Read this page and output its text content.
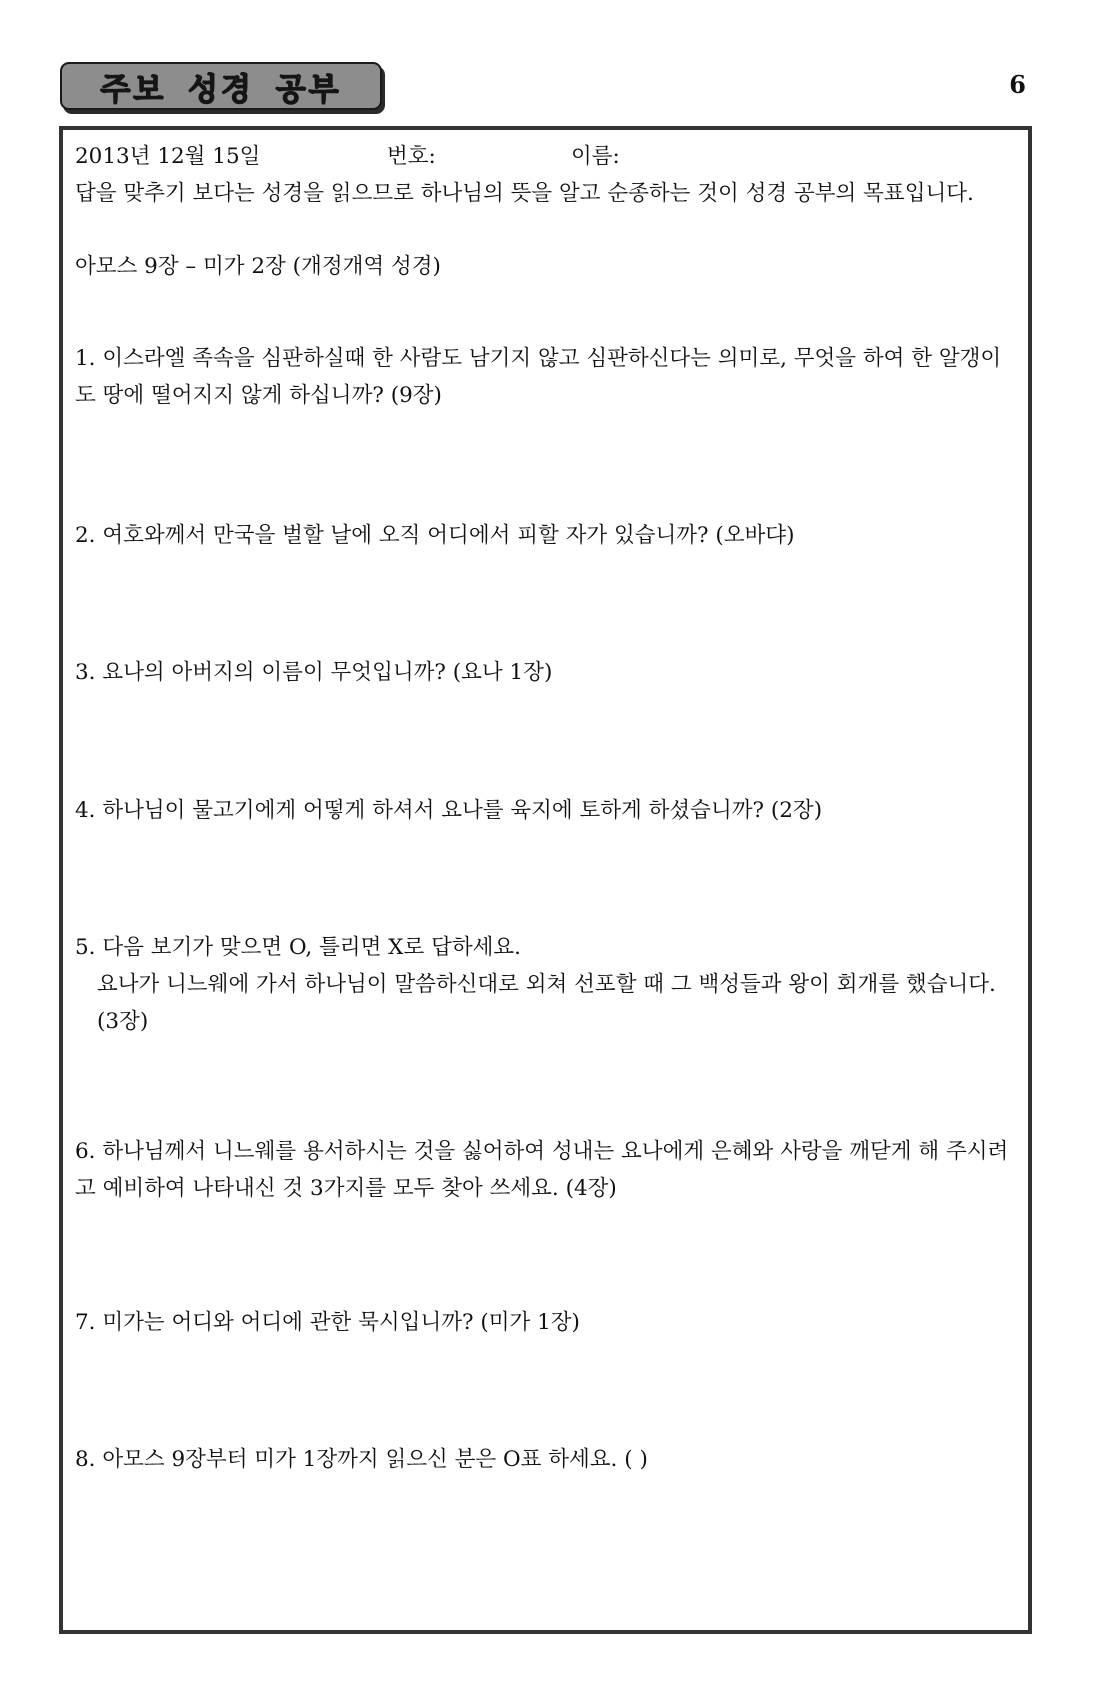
주보 성경 공부	6
2013년 12월 15일	번호:	이름:

답을 맞추기 보다는 성경을 읽으므로 하나님의 뜻을 알고 순종하는 것이 성경 공부의 목표입니다.

아모스 9장 – 미가 2장 (개정개역 성경)
1. 이스라엘 족속을 심판하실때 한 사람도 남기지 않고 심판하신다는 의미로, 무엇을 하여 한 알갱이도 땅에 떨어지지 않게 하십니까? (9장)
2. 여호와께서 만국을 벌할 날에 오직 어디에서 피할 자가 있습니까? (오바댜)
3. 요나의 아버지의 이름이 무엇입니까? (요나 1장)
4. 하나님이 물고기에게 어떻게 하셔서 요나를 육지에 토하게 하셨습니까? (2장)
5. 다음 보기가 맞으면 O, 틀리면 X로 답하세요.
요나가 니느웨에 가서 하나님이 말씀하신대로 외쳐 선포할 때 그 백성들과 왕이 회개를 했습니다. (3장)
6. 하나님께서 니느웨를 용서하시는 것을 싫어하여 성내는 요나에게 은혜와 사랑을 깨닫게 해 주시려고 예비하여 나타내신 것 3가지를 모두 찾아 쓰세요. (4장)
7. 미가는 어디와 어디에 관한 묵시입니까? (미가 1장)
8. 아모스 9장부터 미가 1장까지 읽으신 분은 O표 하세요. ( )
